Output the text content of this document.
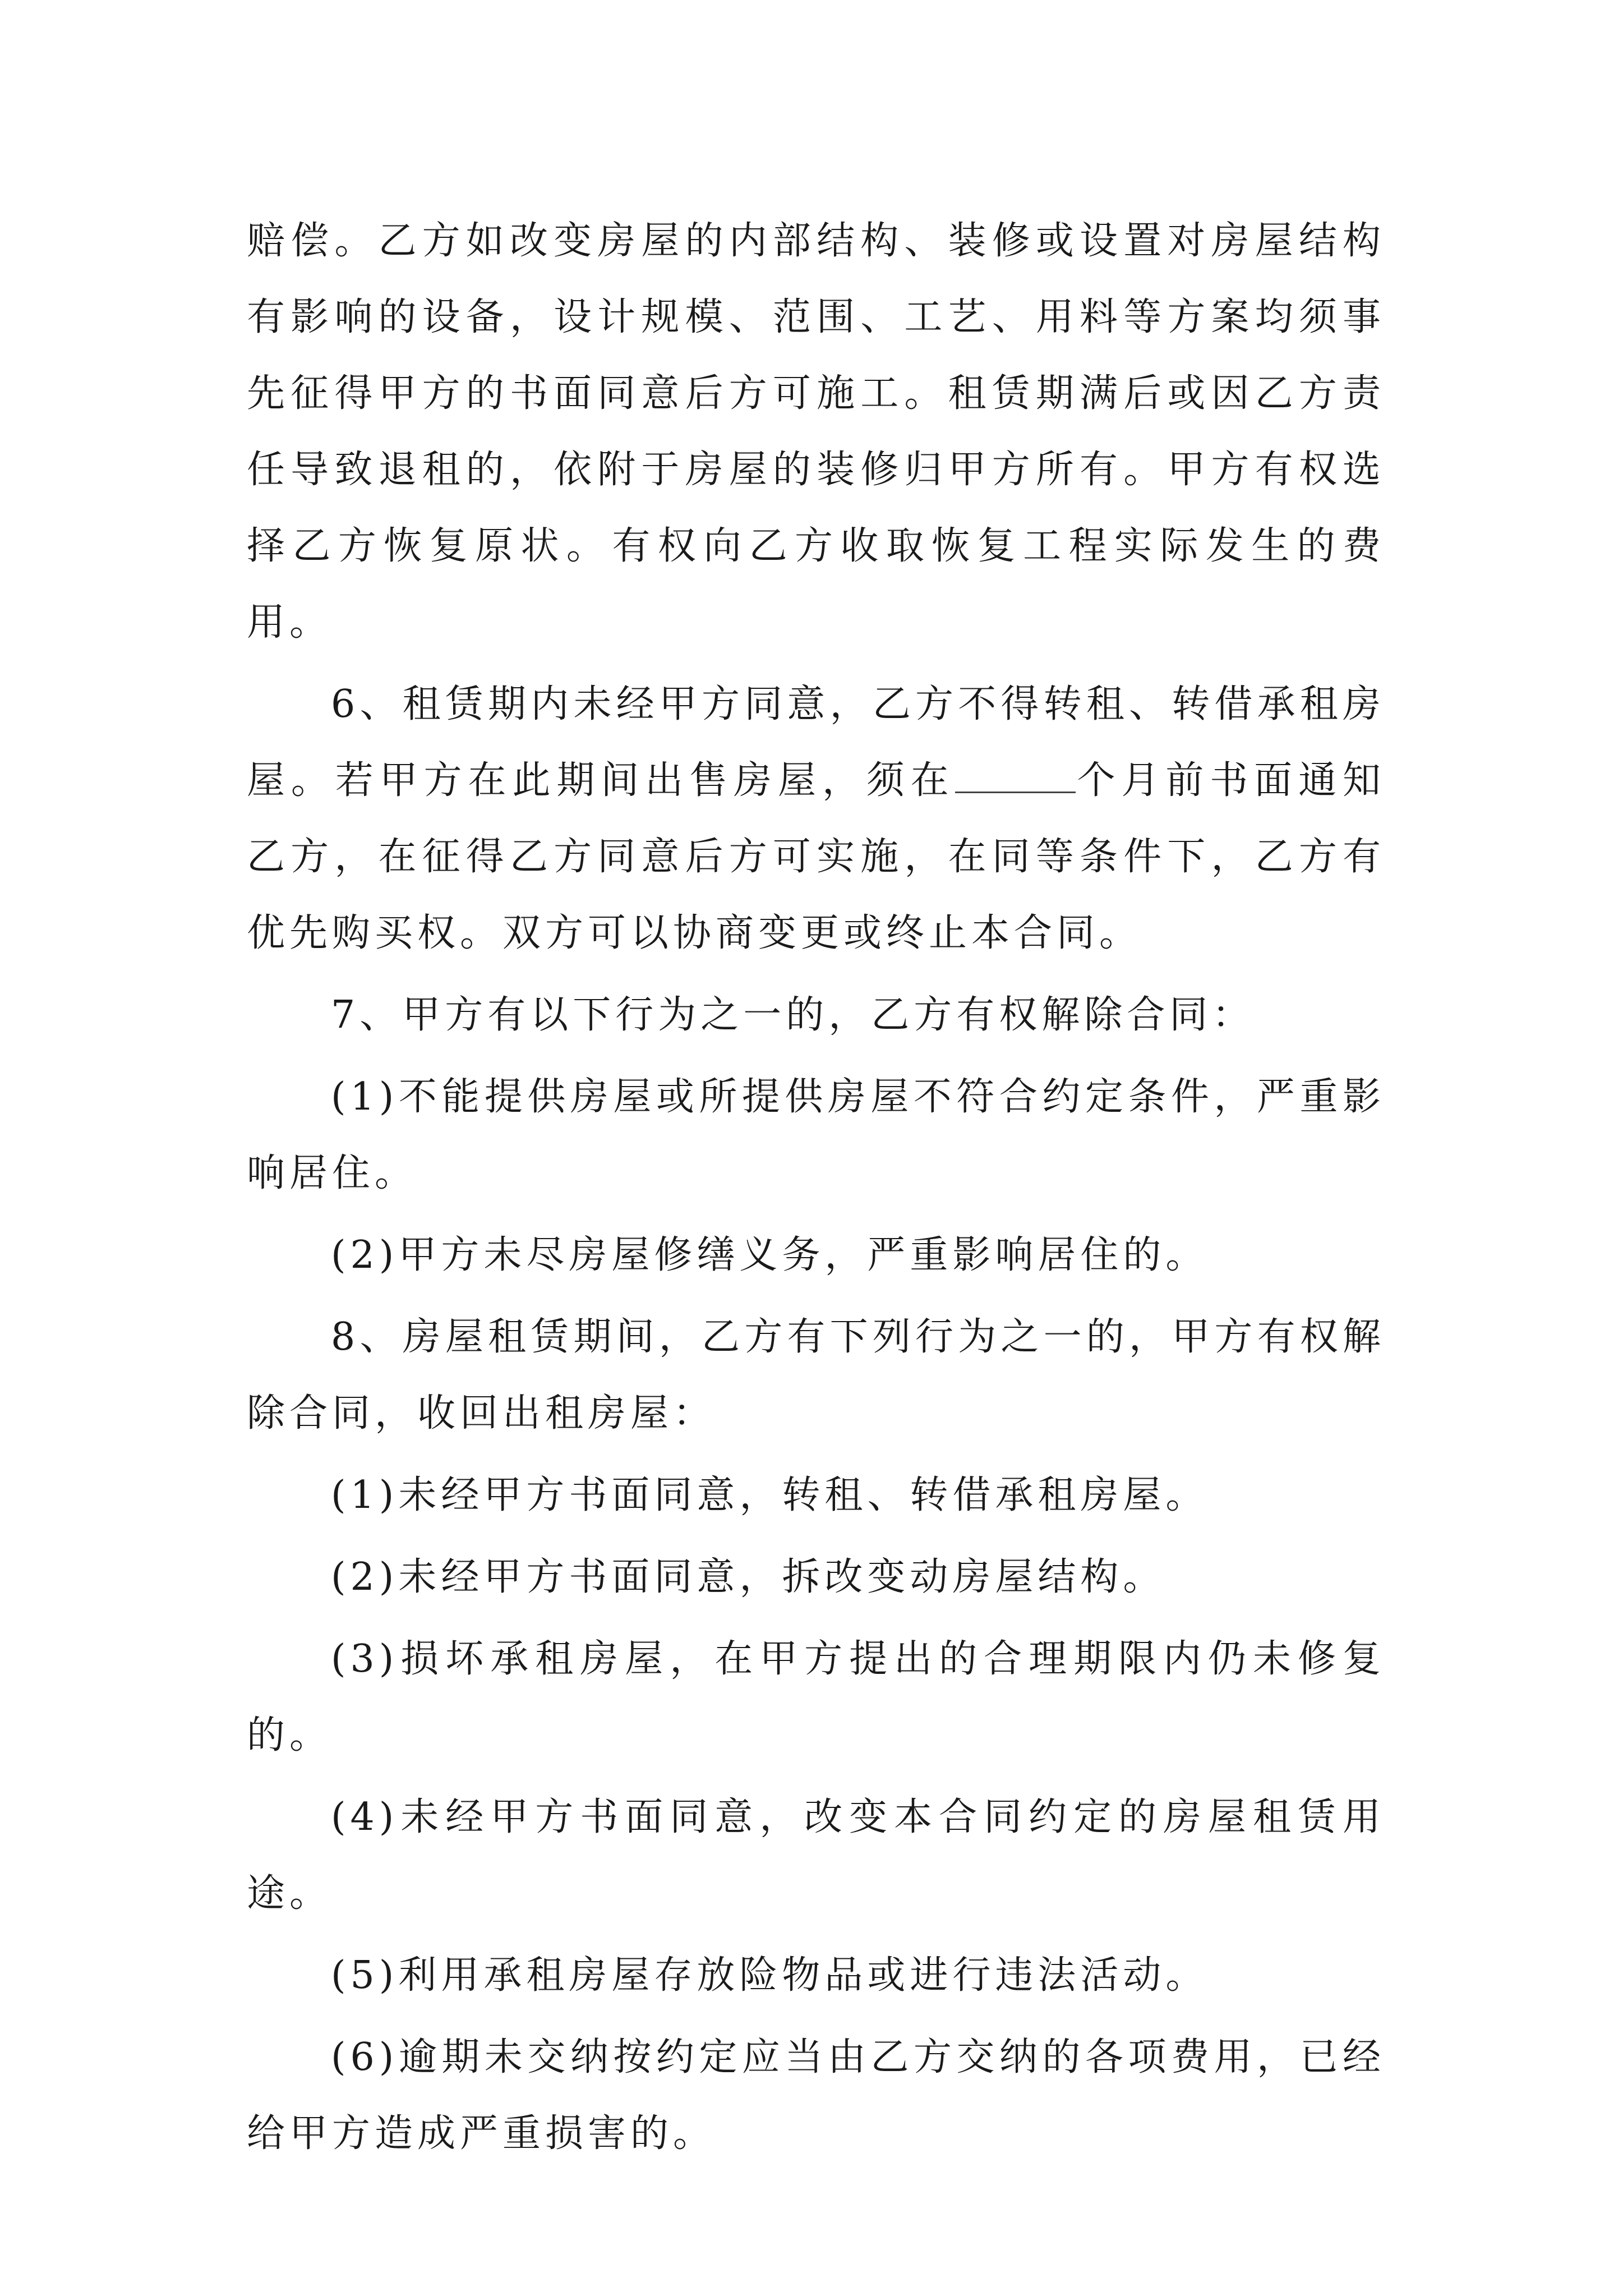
赔偿。乙方如改变房屋的内部结构、装修或设置对房屋结构有影响的设备，设计规模、范围、工艺、用料等方案均须事先征得甲方的书面同意后方可施工。租赁期满后或因乙方责任导致退租的，依附于房屋的装修归甲方所有。甲方有权选择乙方恢复原状。有权向乙方收取恢复工程实际发生的费用。

6、租赁期内未经甲方同意，乙方不得转租、转借承租房屋。若甲方在此期间出售房屋，须在	个月前书面通知乙方，在征得乙方同意后方可实施，在同等条件下，乙方有优先购买权。双方可以协商变更或终止本合同。

7、甲方有以下行为之一的，乙方有权解除合同：

(1)不能提供房屋或所提供房屋不符合约定条件，严重影响居住。

(2)甲方未尽房屋修缮义务，严重影响居住的。

8、房屋租赁期间，乙方有下列行为之一的，甲方有权解除合同，收回出租房屋：

(1)未经甲方书面同意，转租、转借承租房屋。

(2)未经甲方书面同意，拆改变动房屋结构。

(3)损坏承租房屋，在甲方提出的合理期限内仍未修复的。

(4)未经甲方书面同意，改变本合同约定的房屋租赁用途。

(5)利用承租房屋存放险物品或进行违法活动。

(6)逾期未交纳按约定应当由乙方交纳的各项费用，已经给甲方造成严重损害的。
